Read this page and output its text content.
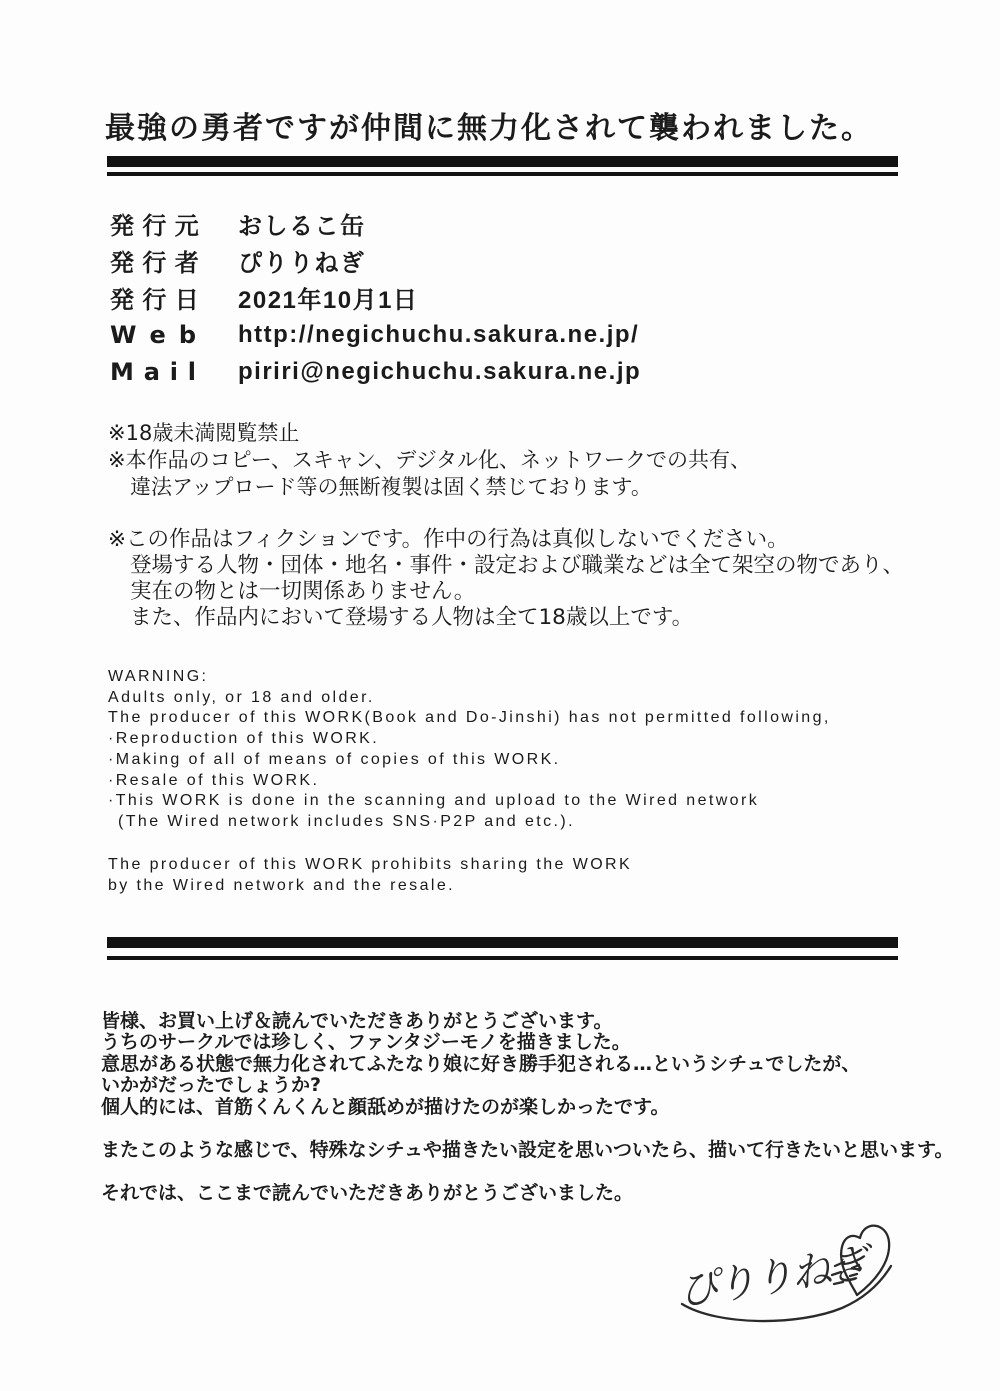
最強の勇者ですが仲間に無力化されて襲われました。
発 行 元 おしるこ缶
発 行 者 ぴりりねぎ
発 行 日 2021年10月1日
W e b http://negichuchu.sakura.ne.jp/
M a i l piriri@negichuchu.sakura.ne.jp
※18歳未満閲覧禁止
※本作品のコピー、スキャン、デジタル化、ネットワークでの共有、
違法アップロード等の無断複製は固く禁じております。
※この作品はフィクションです。作中の行為は真似しないでください。
登場する人物・団体・地名・事件・設定および職業などは全て架空の物であり、
実在の物とは一切関係ありません。
また、作品内において登場する人物は全て18歳以上です。
WARNING:
Adults only, or 18 and older.
The producer of this WORK(Book and Do-Jinshi) has not permitted following,
·Reproduction of this WORK.
·Making of all of means of copies of this WORK.
·Resale of this WORK.
·This WORK is done in the scanning and upload to the Wired network
(The Wired network includes SNS·P2P and etc.).
The producer of this WORK prohibits sharing the WORK
by the Wired network and the resale.
皆様、お買い上げ＆読んでいただきありがとうございます。
うちのサークルでは珍しく、ファンタジーモノを描きました。
意思がある状態で無力化されてふたなり娘に好き勝手犯される…というシチュでしたが、
いかがだったでしょうか?
個人的には、首筋くんくんと顔舐めが描けたのが楽しかったです。
またこのような感じで、特殊なシチュや描きたい設定を思いついたら、描いて行きたいと思います。
それでは、ここまで読んでいただきありがとうございました。
ぴりりねぎ
